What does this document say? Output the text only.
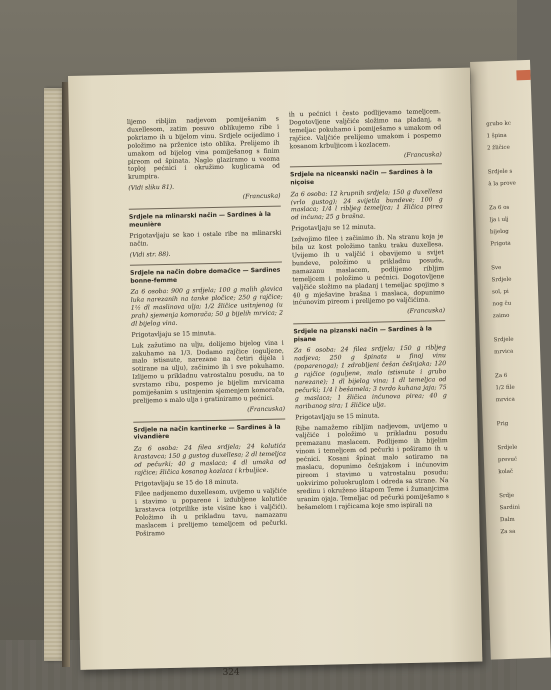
grubo kc
1 špina
2 žličice
Srdjele s
à la prove
Za 6 os
lja i ulj
bijelog
Prigota
Sve
Srdjele
sol, pi
nog ču
zaimo
Srdjele
mrvica
Za 6
1/2 file
mrvica
Prig
Srdjele
prevuć
kolač
Srdje
Sardini
Dalm
Za sa

lijemo ribljim nadjevom pomiješanim s duxellesom, zatim posuvo oblikujemo ribe i pokriamo ih u bijelom vinu. Srdjele ocijedimo i položimo na prženice isto oblika. Prelijemo ih umakom od bijelog vina pomiješanog s finim pireom od špinata. Naglo glaziramo u veoma toploj pećnici i okružimo kuglicama od krumpira.

(Vidi sliku 81).

(Francuska)

Srdjele na mlinarski način — Sardines à la meunière

Prigotavljaju se kao i ostale ribe na mlinarski način.

(Vidi str. 88).

Srdjele na način dobre domaćice — Sardines bonne-femme

Za 6 osoba: 900 g srdjela; 100 g malih glavica luka narezanih na tanke pločice; 250 g rajčice; 1½ dl maslinova ulja; 1/2 žličice usitnjenog (u prah) sjemenja komorača; 50 g bijelih mrvica; 2 dl bijelog vina.

Prigotavljaju se 15 minuta.

Luk zažutimo na ulju, dolijemo bijelog vina i zakuhamo na 1/3. Dodamo rajčice (oguljene, malo istisnute, narezane na četiri dijela i sotirane na ulju), začinimo ih i sve pokuhamo. Izlijemo u prikladnu vatrostalnu posudu, na to svrstamo ribu, pospemo je bijelim mrvicama pomiješanim s usitnjenim sjemenjem komorača, prelijemo s malo ulja i gratiniramo u pećnici.

(Francuska)

Srdjele na način kantinerke — Sardines à la vivandière

Za 6 osoba: 24 filea srdjela; 24 kolutića krastavca; 150 g gustog duxellesa; 2 dl temeljca od pečurki; 40 g maslaca; 4 dl umaka od rajčice; žličica kosanog kozlaca i krbuljice.

Prigotavljaju se 15 do 18 minuta.

Filee nadjenemo duxellesom, uvijemo u valjčiće i stavimo u poparene i izdubljene kolutiće krastavca (otprilike iste visine kao i valjčići). Položimo ih u prikladnu tavu, namazanu maslacem i prelijemo temeljcem od pečurki. Poširamo

ih u pećnici i često podlijevamo temeljcem. Dogotovljene valjčiće složimo na pladanj, a temeljac pokuhamo i pomiješamo s umakom od rajčice. Valjčiće prelijemo umakom i pospemo kosanom krbuljicom i kozlacem.

(Francuska)

Srdjele na niceanski način — Sardines à la niçoise

Za 6 osoba: 12 krupnih srdjela; 150 g duxellesa (vrlo gustog); 24 svijetla bundeve; 100 g maslaca; 1/4 l ribljeg temeljca; 1 žličica pirea od inćuna; 25 g brašna.

Prigotavljaju se 12 minuta.

Izdvojimo filee i začinimo ih. Na stranu koja je bila uz kost položimo tanku traku duxellesa. Uvijemo ih u valjčić i obavijemo u svijet bundeve, položimo u prikladnu posudu, namazanu maslacem, podlijemo ribljim temeljcem i položimo u pećnici. Dogotovljene valjčiće složimo na pladanj i temeljac spojimo s 40 g mješavine brašna i maslaca, dopunimo inćunovim pireom i prelijemo po valjčićima.

(Francuska)

Srdjele na pizanski način — Sardines à la pisane

Za 6 osoba: 24 filea srdjela; 150 g ribljeg nadjeva; 250 g špinata u finoj vinu (poparenoga); 1 zdrobljeni češan češnjaka; 120 g rajčice (oguljene, malo istisnute i grubo narezane); 1 dl bijelog vina; 1 dl temeljca od pečurki; 1/4 l bešamela; 3 tvrdo kuhana jaja; 75 g maslaca; 1 žličica inćunova pirea; 40 g naribanog sira; 1 žličice ulja.

Prigotavljaju se 15 minuta.

Ribe namažemo ribljim nadjevom, uvijemo u valjčiće i položimo u prikladnu posudu premazanu maslacem. Podlijemo ih bijelim vinom i temeljcem od pečurki i poširamo ih u pećnici. Kosani špinat malo sotiramo na maslacu, dopunimo češnjakom i inćunovim pireom i stavimo u vatrostalnu posudu; uokvirimo poluokruglom i odreda sa strane. Na sredinu i okruženo ištapom Teme i žumanjcima uranim ojaja. Temeljac od pečurki pomiješamo s bešamelom i rajčicama koje smo ispirali na

324
